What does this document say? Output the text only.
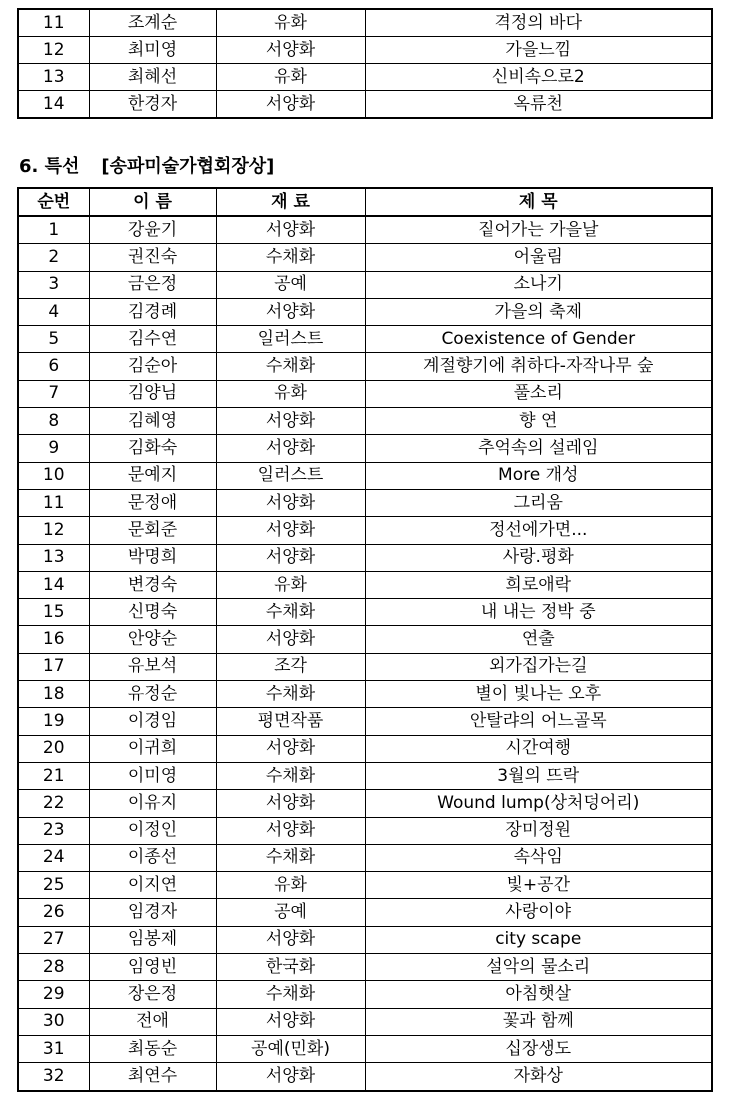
11	조계순	유화	격정의 바다
12	최미영	서양화	가을느낌
13	최혜선	유화	신비속으로2
14	한경자	서양화	옥류천
6. 특선 [송파미술가협회장상]
순번	이 름	재 료	제 목
1	강윤기	서양화	짙어가는 가을날
2	권진숙	수채화	어울림
3	금은정	공예	소나기
4	김경례	서양화	가을의 축제
5	김수연	일러스트	Coexistence of Gender
6	김순아	수채화	계절향기에 취하다-자작나무 숲
7	김양님	유화	풀소리
8	김혜영	서양화	향 연
9	김화숙	서양화	추억속의 설레임
10	문예지	일러스트	More 개성
11	문정애	서양화	그리움
12	문회준	서양화	정선에가면...
13	박명희	서양화	사랑.평화
14	변경숙	유화	희로애락
15	신명숙	수채화	내 내는 정박 중
16	안양순	서양화	연출
17	유보석	조각	외가집가는길
18	유정순	수채화	별이 빛나는 오후
19	이경임	평면작품	안탈랴의 어느골목
20	이귀희	서양화	시간여행
21	이미영	수채화	3월의 뜨락
22	이유지	서양화	Wound lump(상처덩어리)
23	이정인	서양화	장미정원
24	이종선	수채화	속삭임
25	이지연	유화	빛+공간
26	임경자	공예	사랑이야
27	임봉제	서양화	city scape
28	임영빈	한국화	설악의 물소리
29	장은정	수채화	아침햇살
30	전애	서양화	꽃과 함께
31	최동순	공예(민화)	십장생도
32	최연수	서양화	자화상
